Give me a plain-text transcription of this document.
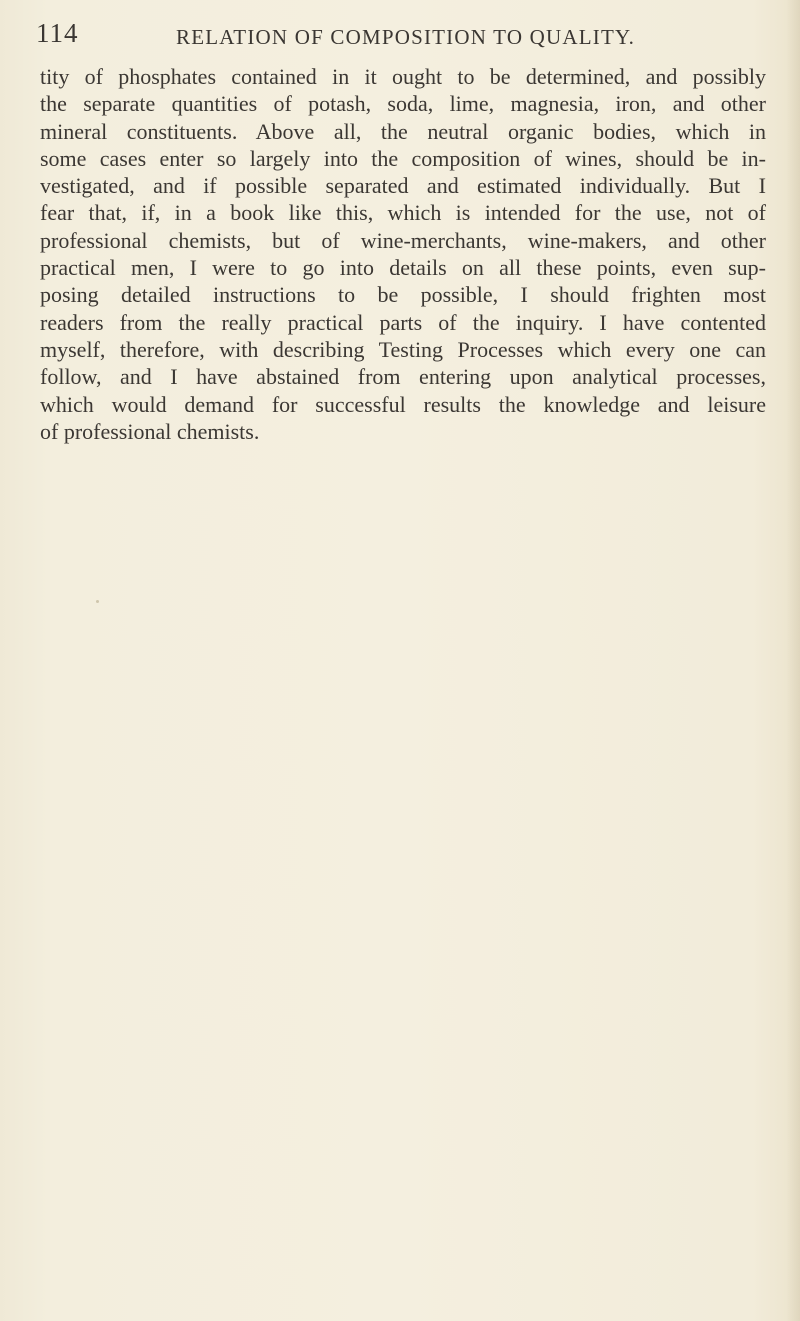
114	RELATION OF COMPOSITION TO QUALITY.
tity of phosphates contained in it ought to be determined, and possibly
the separate quantities of potash, soda, lime, magnesia, iron, and other
mineral constituents. Above all, the neutral organic bodies, which in
some cases enter so largely into the composition of wines, should be in-
vestigated, and if possible separated and estimated individually. But I
fear that, if, in a book like this, which is intended for the use, not of
professional chemists, but of wine-merchants, wine-makers, and other
practical men, I were to go into details on all these points, even sup-
posing detailed instructions to be possible, I should frighten most
readers from the really practical parts of the inquiry. I have contented
myself, therefore, with describing Testing Processes which every one can
follow, and I have abstained from entering upon analytical processes,
which would demand for successful results the knowledge and leisure
of professional chemists.
